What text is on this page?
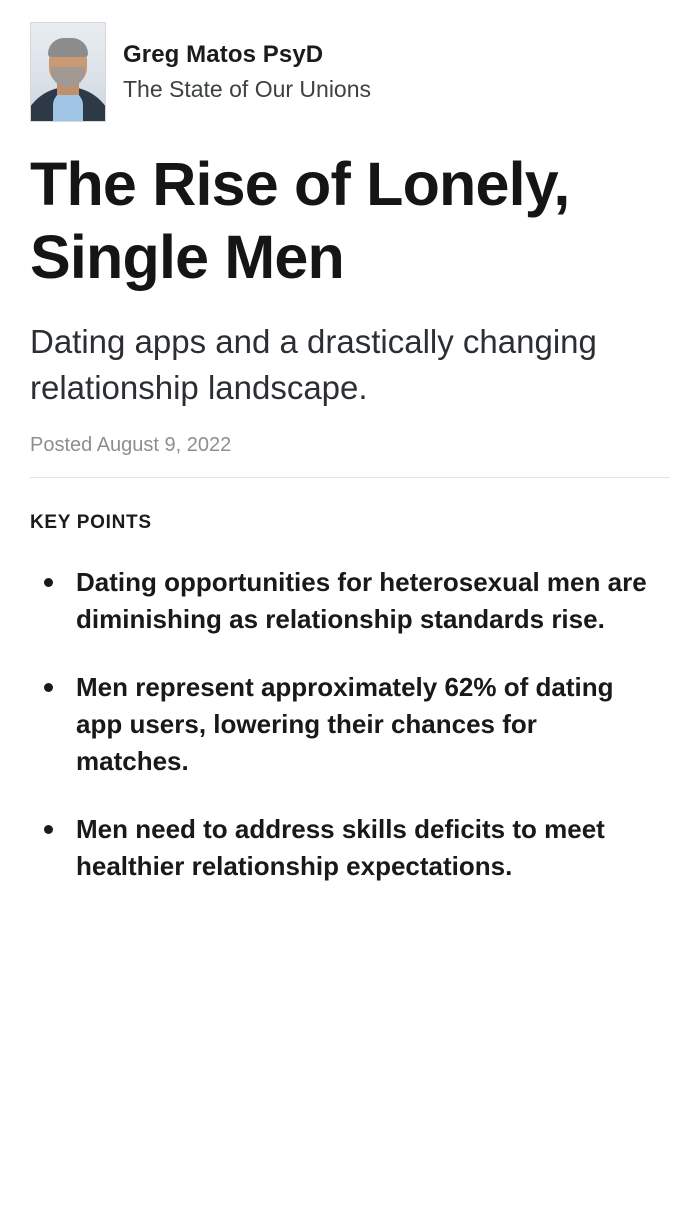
Greg Matos PsyD
The State of Our Unions
The Rise of Lonely, Single Men

Dating apps and a drastically changing relationship landscape.

Posted August 9, 2022
KEY POINTS
Dating opportunities for heterosexual men are diminishing as relationship standards rise.
Men represent approximately 62% of dating app users, lowering their chances for matches.
Men need to address skills deficits to meet healthier relationship expectations.
